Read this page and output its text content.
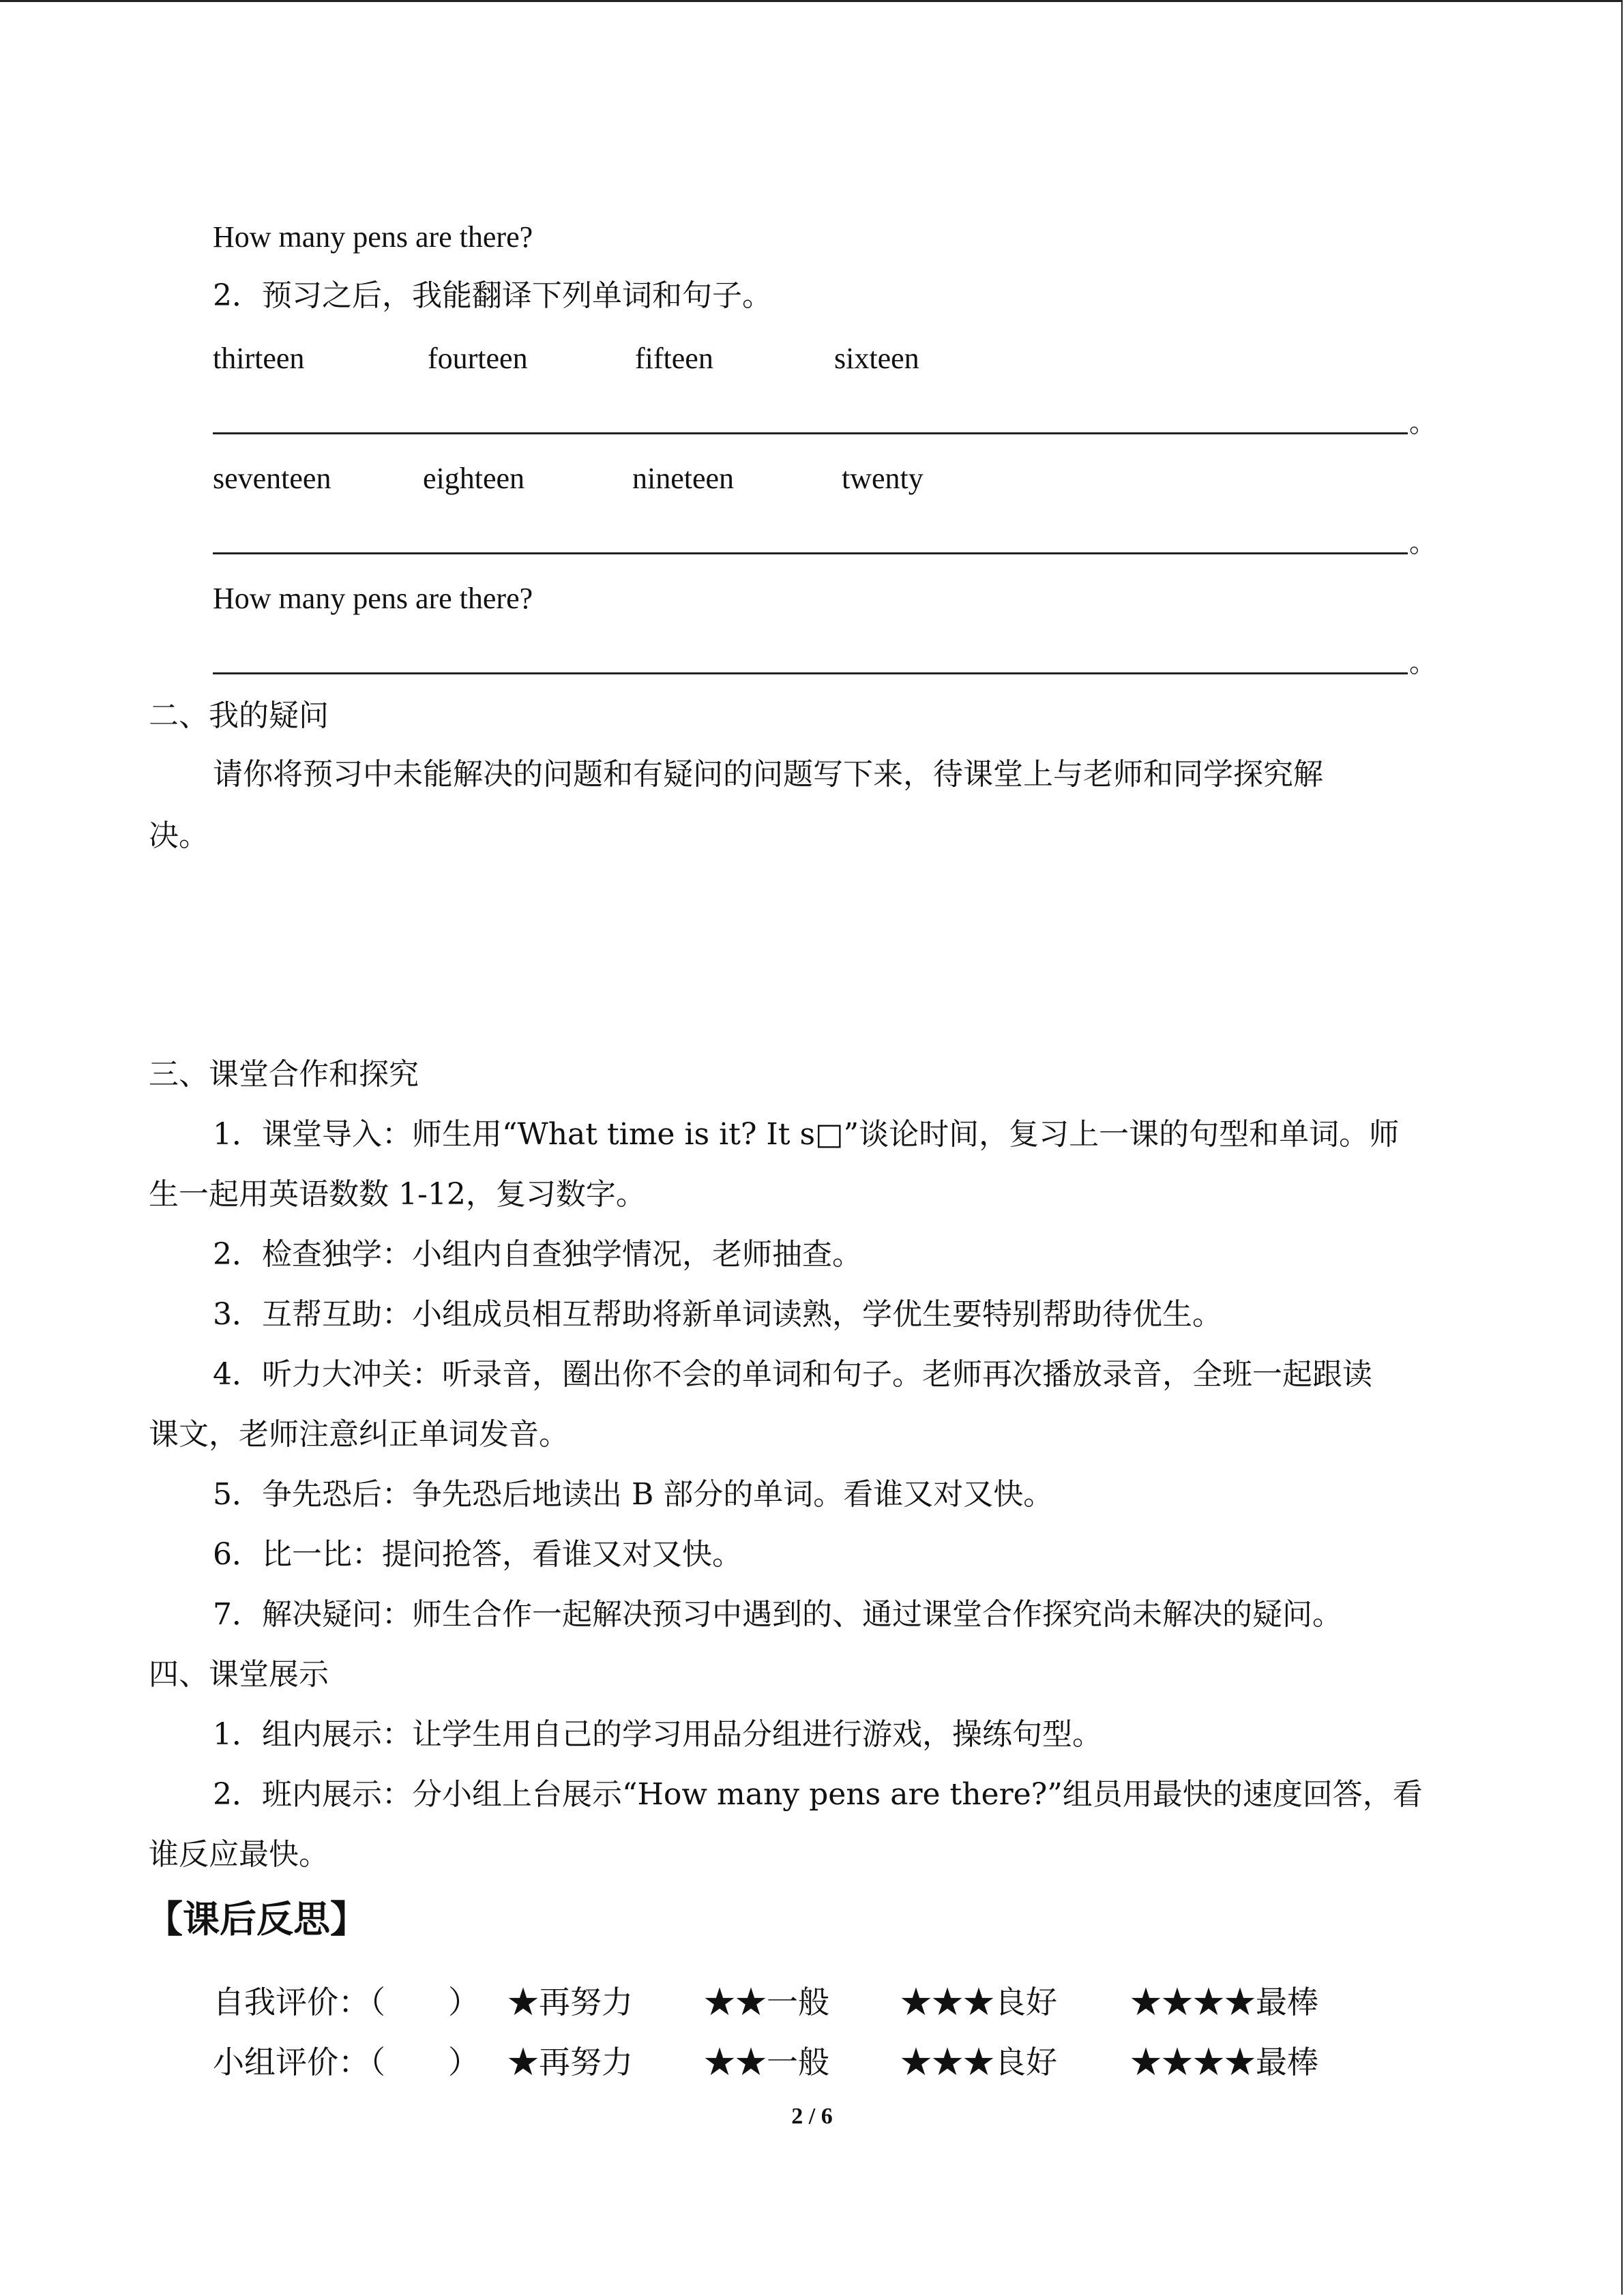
How many pens are there?
2．预习之后，我能翻译下列单词和句子。
thirteen	fourteen	fifteen	sixteen
。
seventeen	eighteen	nineteen	twenty
。
How many pens are there?
。
二、我的疑问
请你将预习中未能解决的问题和有疑问的问题写下来，待课堂上与老师和同学探究解
决。
三、课堂合作和探究
1．课堂导入：师生用“What time is it? It s□”谈论时间，复习上一课的句型和单词。师
生一起用英语数数 1-12，复习数字。
2．检查独学：小组内自查独学情况，老师抽查。
3．互帮互助：小组成员相互帮助将新单词读熟，学优生要特别帮助待优生。
4．听力大冲关：听录音，圈出你不会的单词和句子。老师再次播放录音，全班一起跟读
课文，老师注意纠正单词发音。
5．争先恐后：争先恐后地读出 B 部分的单词。看谁又对又快。
6．比一比：提问抢答，看谁又对又快。
7．解决疑问：师生合作一起解决预习中遇到的、通过课堂合作探究尚未解决的疑问。
四、课堂展示
1．组内展示：让学生用自己的学习用品分组进行游戏，操练句型。
2．班内展示：分小组上台展示“How many pens are there?”组员用最快的速度回答，看
谁反应最快。
【课后反思】
自我评价：（　　） ★再努力 ★★一般 ★★★良好 ★★★★最棒
小组评价：（　　） ★再努力 ★★一般 ★★★良好 ★★★★最棒
2 / 6
